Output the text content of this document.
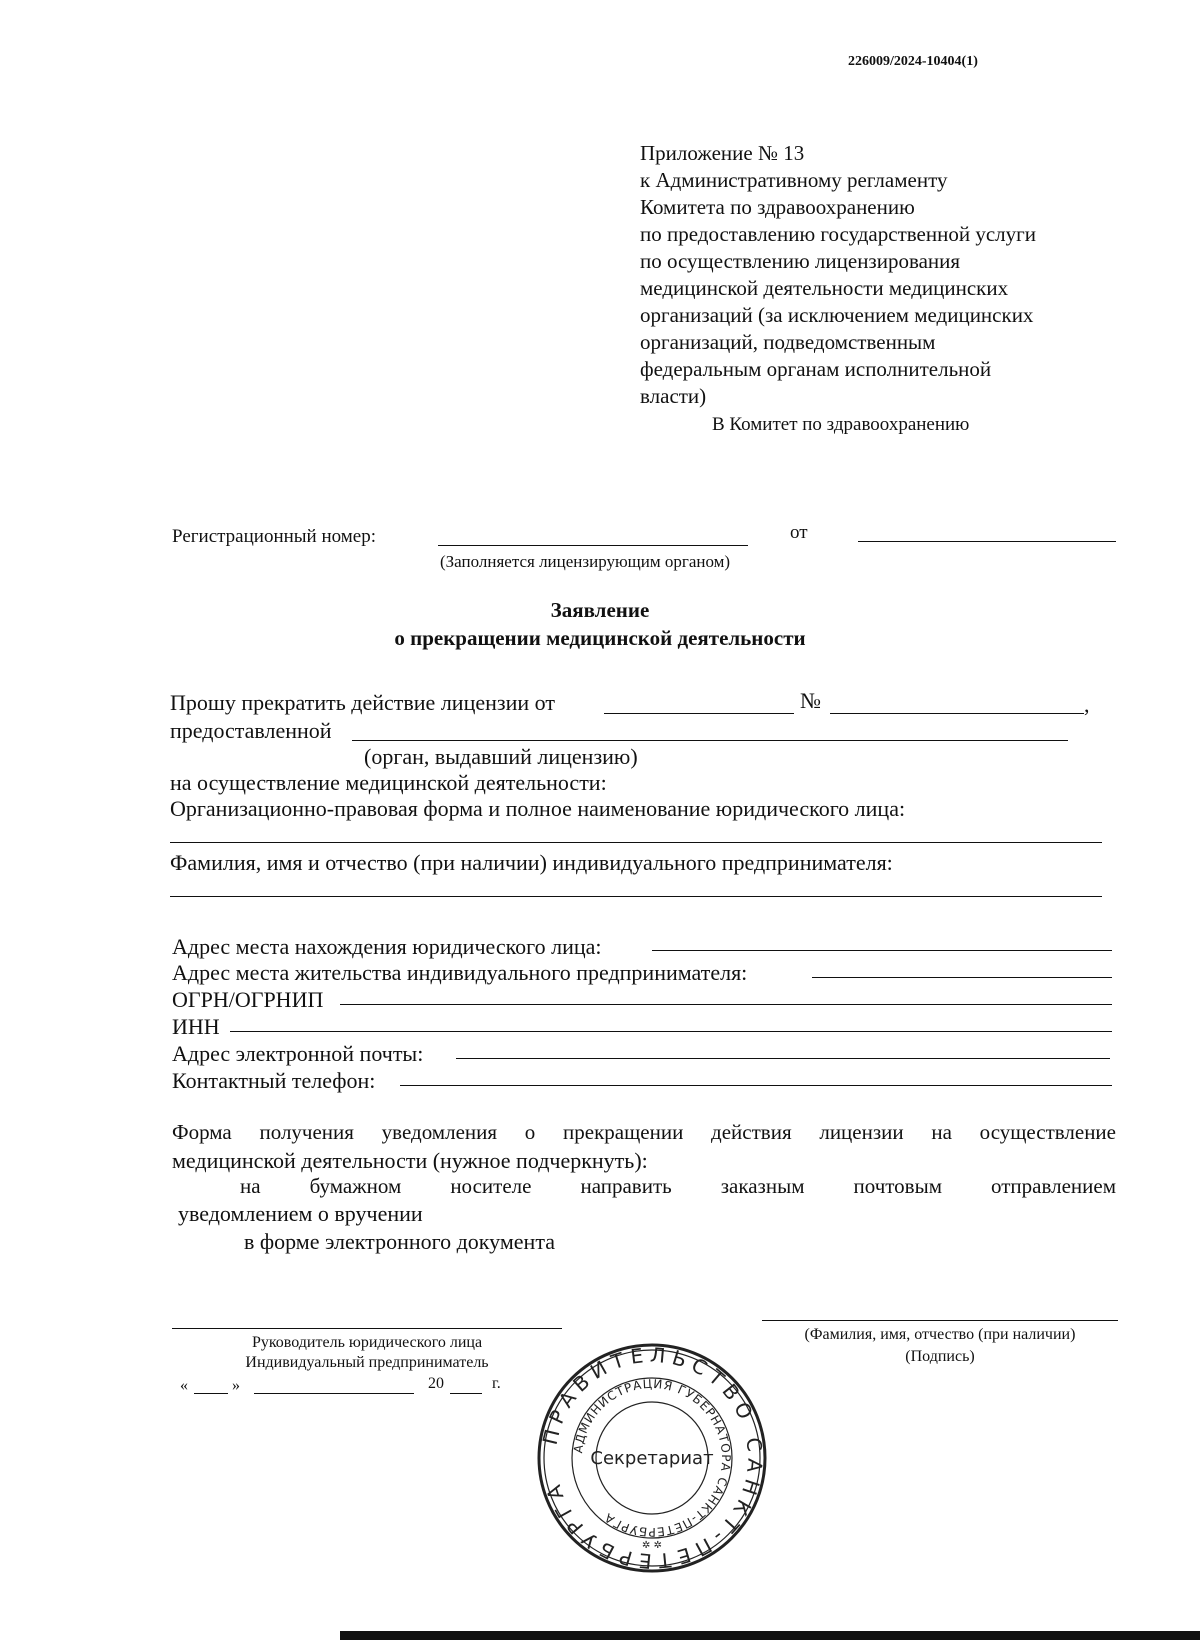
226009/2024-10404(1)
Приложение № 13
к Административному регламенту
Комитета по здравоохранению
по предоставлению государственной услуги
по осуществлению лицензирования
медицинской деятельности медицинских
организаций (за исключением медицинских
организаций, подведомственным
федеральным органам исполнительной
власти)
В Комитет по здравоохранению
Регистрационный номер:	от
(Заполняется лицензирующим органом)
Заявление
о прекращении медицинской деятельности
Прошу прекратить действие лицензии от	№	,
предоставленной
(орган, выдавший лицензию)
на осуществление медицинской деятельности:
Организационно-правовая форма и полное наименование юридического лица:
Фамилия, имя и отчество (при наличии) индивидуального предпринимателя:
Адрес места нахождения юридического лица:
Адрес места жительства индивидуального предпринимателя:
ОГРН/ОГРНИП
ИНН
Адрес электронной почты:
Контактный телефон:
Форма получения уведомления о прекращении действия лицензии на осуществление
медицинской деятельности (нужное подчеркнуть):
на бумажном носителе направить заказным почтовым отправлением
уведомлением о вручении
в форме электронного документа
Руководитель юридического лица
Индивидуальный предприниматель
«	»	20	г.
(Фамилия, имя, отчество (при наличии)
(Подпись)
ПРАВИТЕЛЬСТВО САНКТ-ПЕТЕРБУРГА
АДМИНИСТРАЦИЯ ГУБЕРНАТОРА САНКТ-ПЕТЕРБУРГА
Секретариат
✲ ✲
